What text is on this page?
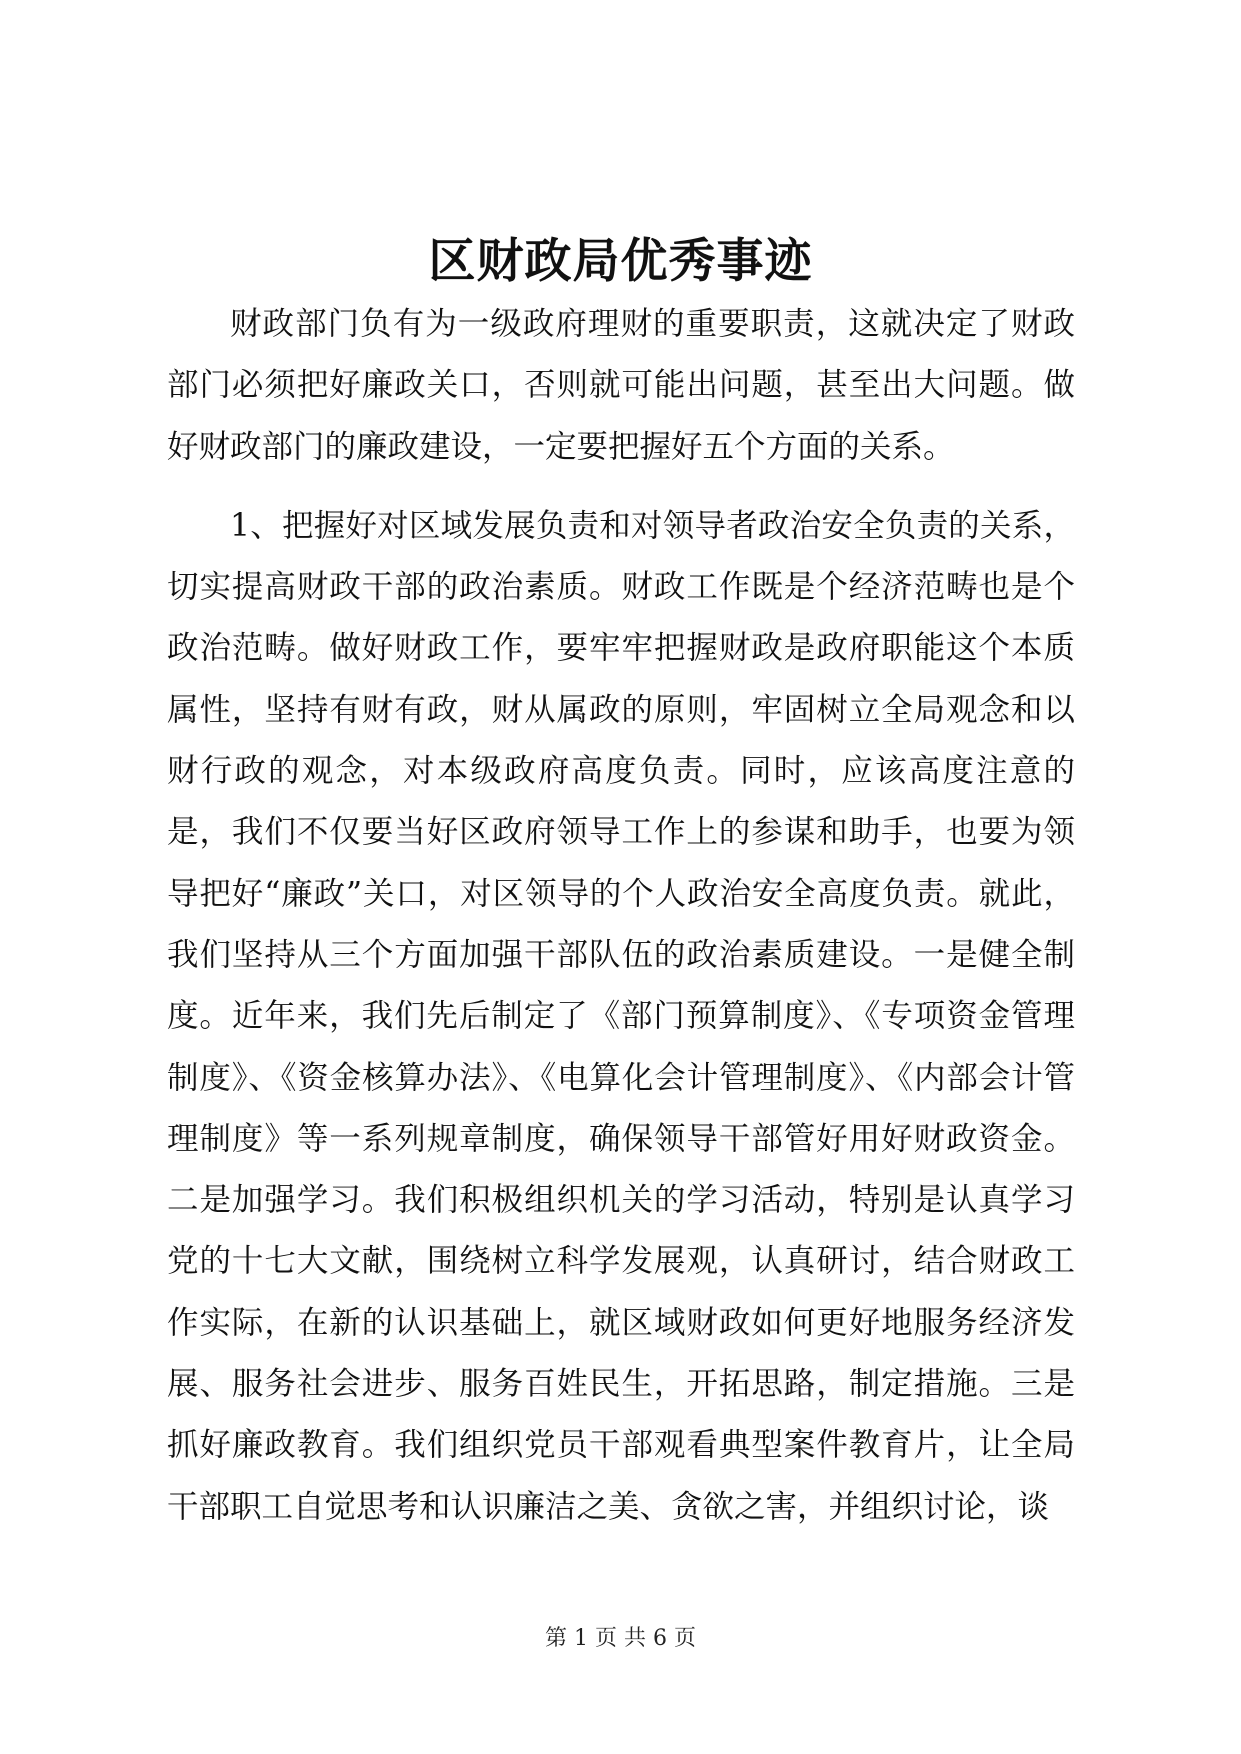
区财政局优秀事迹

财政部门负有为一级政府理财的重要职责，这就决定了财政部门必须把好廉政关口，否则就可能出问题，甚至出大问题。做好财政部门的廉政建设，一定要把握好五个方面的关系。

1、把握好对区域发展负责和对领导者政治安全负责的关系，切实提高财政干部的政治素质。财政工作既是个经济范畴也是个政治范畴。做好财政工作，要牢牢把握财政是政府职能这个本质属性，坚持有财有政，财从属政的原则，牢固树立全局观念和以财行政的观念，对本级政府高度负责。同时，应该高度注意的是，我们不仅要当好区政府领导工作上的参谋和助手，也要为领导把好“廉政”关口，对区领导的个人政治安全高度负责。就此，我们坚持从三个方面加强干部队伍的政治素质建设。一是健全制度。近年来，我们先后制定了《部门预算制度》、《专项资金管理制度》、《资金核算办法》、《电算化会计管理制度》、《内部会计管理制度》等一系列规章制度，确保领导干部管好用好财政资金。二是加强学习。我们积极组织机关的学习活动，特别是认真学习党的十七大文献，围绕树立科学发展观，认真研讨，结合财政工作实际，在新的认识基础上，就区域财政如何更好地服务经济发展、服务社会进步、服务百姓民生，开拓思路，制定措施。三是抓好廉政教育。我们组织党员干部观看典型案件教育片，让全局干部职工自觉思考和认识廉洁之美、贪欲之害，并组织讨论，谈

第 1 页 共 6 页
